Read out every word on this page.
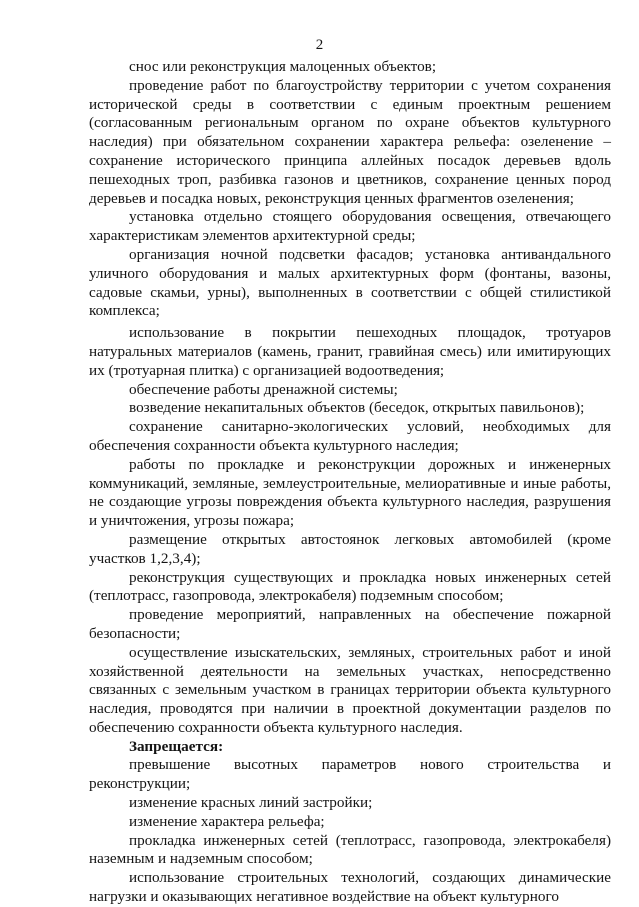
2

снос или реконструкция малоценных объектов;

проведение работ по благоустройству территории с учетом сохранения исторической среды в соответствии с единым проектным решением (согласованным региональным органом по охране объектов культурного наследия) при обязательном сохранении характера рельефа: озеленение – сохранение исторического принципа аллейных посадок деревьев вдоль пешеходных троп, разбивка газонов и цветников, сохранение ценных пород деревьев и посадка новых, реконструкция ценных фрагментов озеленения;

установка отдельно стоящего оборудования освещения, отвечающего характеристикам элементов архитектурной среды;

организация ночной подсветки фасадов; установка антивандального уличного оборудования и малых архитектурных форм (фонтаны, вазоны, садовые скамьи, урны), выполненных в соответствии с общей стилистикой комплекса;

использование в покрытии пешеходных площадок, тротуаров натуральных материалов (камень, гранит, гравийная смесь) или имитирующих их (тротуарная плитка) с организацией водоотведения;

обеспечение работы дренажной системы;

возведение некапитальных объектов (беседок, открытых павильонов);

сохранение санитарно-экологических условий, необходимых для обеспечения сохранности объекта культурного наследия;

работы по прокладке и реконструкции дорожных и инженерных коммуникаций, земляные, землеустроительные, мелиоративные и иные работы, не создающие угрозы повреждения объекта культурного наследия, разрушения и уничтожения, угрозы пожара;

размещение открытых автостоянок легковых автомобилей (кроме участков 1,2,3,4);

реконструкция существующих и прокладка новых инженерных сетей (теплотрасс, газопровода, электрокабеля) подземным способом;

проведение мероприятий, направленных на обеспечение пожарной безопасности;

осуществление изыскательских, земляных, строительных работ и иной хозяйственной деятельности на земельных участках, непосредственно связанных с земельным участком в границах территории объекта культурного наследия, проводятся при наличии в проектной документации разделов по обеспечению сохранности объекта культурного наследия.

Запрещается:

превышение высотных параметров нового строительства и реконструкции;

изменение красных линий застройки;

изменение характера рельефа;

прокладка инженерных сетей (теплотрасс, газопровода, электрокабеля) наземным и надземным способом;

использование строительных технологий, создающих динамические нагрузки и оказывающих негативное воздействие на объект культурного
